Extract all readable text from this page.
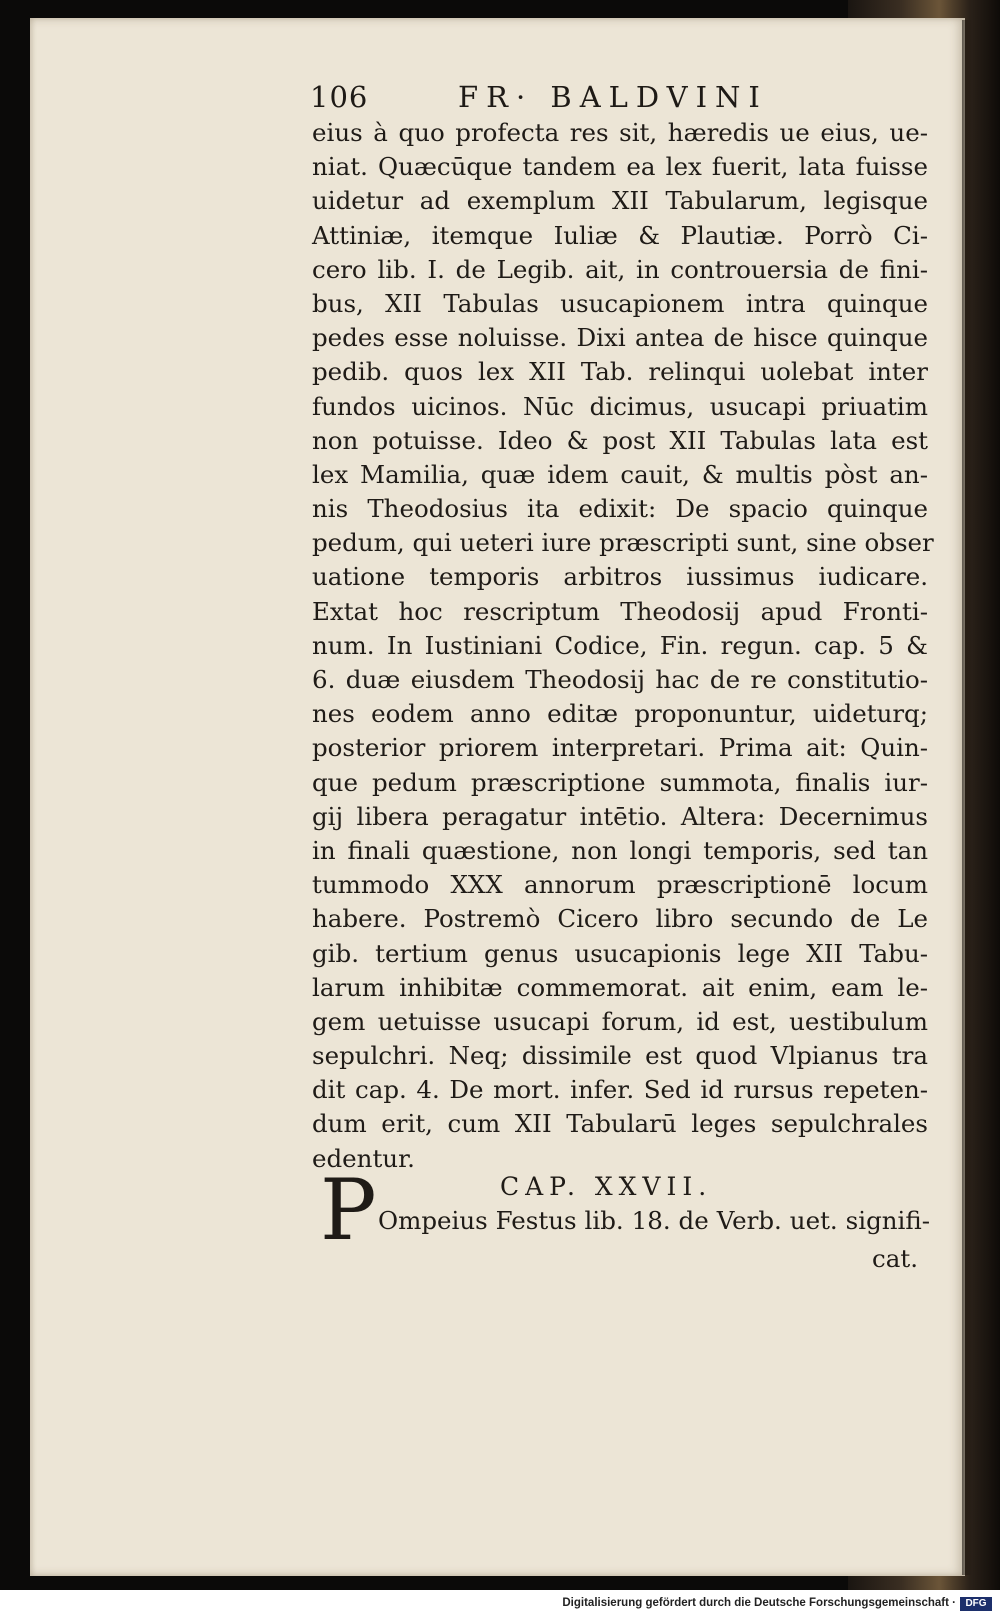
106	FR· BALDVINI
eius à quo profecta res sit, hæredis ue eius, ue-
niat. Quæcūque tandem ea lex fuerit, lata fuisse
uidetur ad exemplum XII Tabularum, legisque
Attiniæ, itemque Iuliæ & Plautiæ. Porrò Ci-
cero lib. I. de Legib. ait, in controuersia de fini-
bus, XII Tabulas usucapionem intra quinque
pedes esse noluisse. Dixi antea de hisce quinque
pedib. quos lex XII Tab. relinqui uolebat inter
fundos uicinos. Nūc dicimus, usucapi priuatim
non potuisse. Ideo & post XII Tabulas lata est
lex Mamilia, quæ idem cauit, & multis pòst an-
nis Theodosius ita edixit: De spacio quinque
pedum, qui ueteri iure præscripti sunt, sine obser
uatione temporis arbitros iussimus iudicare.
Extat hoc rescriptum Theodosij apud Fronti-
num. In Iustiniani Codice, Fin. regun. cap. 5 &
6. duæ eiusdem Theodosij hac de re constitutio-
nes eodem anno editæ proponuntur, uideturq;
posterior priorem interpretari. Prima ait: Quin-
que pedum præscriptione summota, finalis iur-
gij libera peragatur intētio. Altera: Decernimus
in finali quæstione, non longi temporis, sed tan
tummodo XXX annorum præscriptionē locum
habere. Postremò Cicero libro secundo de Le
gib. tertium genus usucapionis lege XII Tabu-
larum inhibitæ commemorat. ait enim, eam le-
gem uetuisse usucapi forum, id est, uestibulum
sepulchri. Neq; dissimile est quod Vlpianus tra
dit cap. 4. De mort. infer. Sed id rursus repeten-
dum erit, cum XII Tabularū leges sepulchrales
edentur.
P	CAP. XXVII.
Ompeius Festus lib. 18. de Verb. uet. signifi-
cat.
Digitalisierung gefördert durch die Deutsche Forschungsgemeinschaft · DFG
